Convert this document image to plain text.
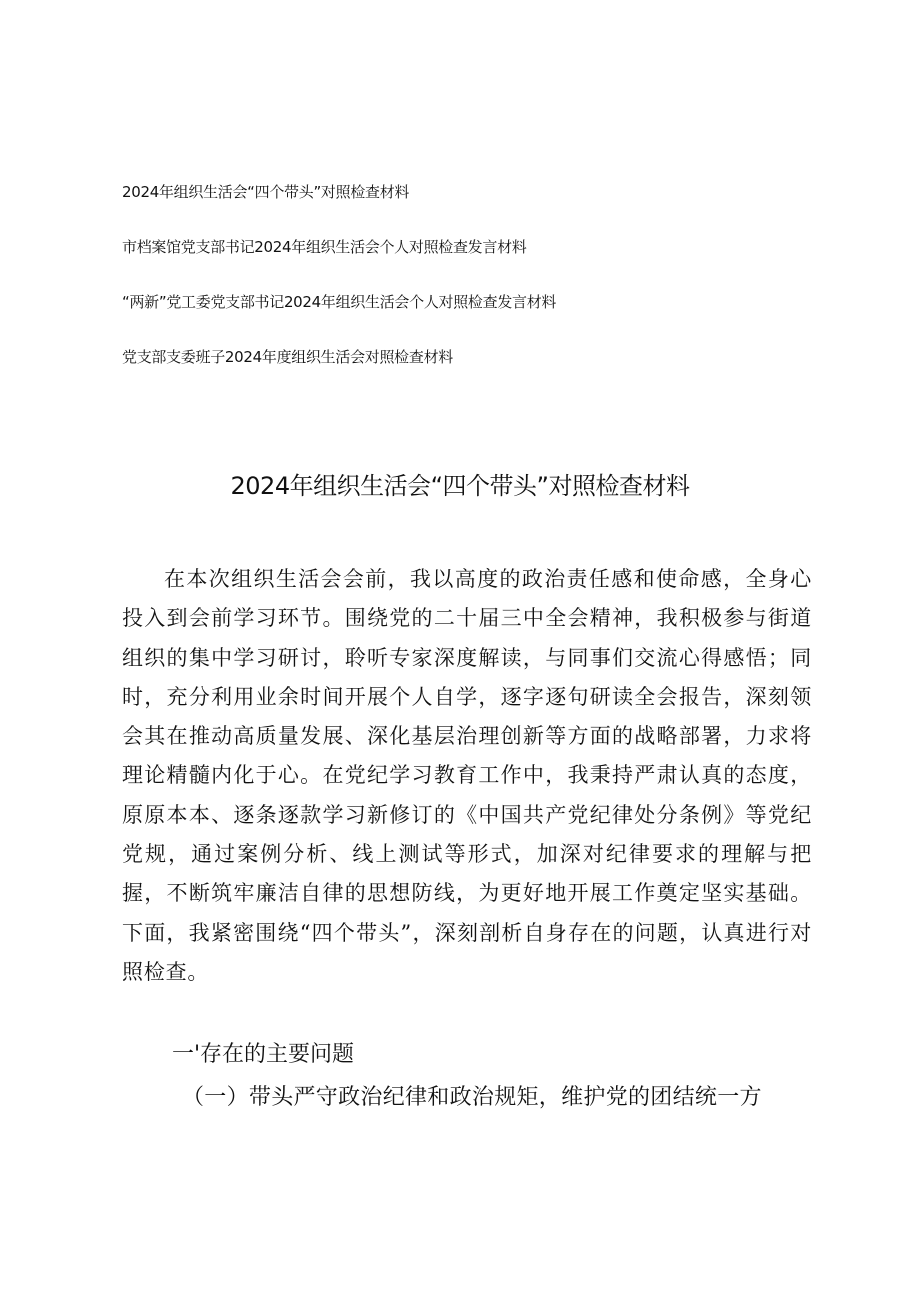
2024年组织生活会“四个带头”对照检查材料
市档案馆党支部书记2024年组织生活会个人对照检查发言材料
“两新”党工委党支部书记2024年组织生活会个人对照检查发言材料
党支部支委班子2024年度组织生活会对照检查材料
2024年组织生活会“四个带头”对照检查材料

在本次组织生活会会前，我以高度的政治责任感和使命感，全身心投入到会前学习环节。围绕党的二十届三中全会精神，我积极参与街道组织的集中学习研讨，聆听专家深度解读，与同事们交流心得感悟；同时，充分利用业余时间开展个人自学，逐字逐句研读全会报告，深刻领会其在推动高质量发展、深化基层治理创新等方面的战略部署，力求将理论精髓内化于心。在党纪学习教育工作中，我秉持严肃认真的态度，原原本本、逐条逐款学习新修订的《中国共产党纪律处分条例》等党纪党规，通过案例分析、线上测试等形式，加深对纪律要求的理解与把握，不断筑牢廉洁自律的思想防线，为更好地开展工作奠定坚实基础。下面，我紧密围绕“四个带头”，深刻剖析自身存在的问题，认真进行对照检查。

一'存在的主要问题
（一）带头严守政治纪律和政治规矩，维护党的团结统一方
